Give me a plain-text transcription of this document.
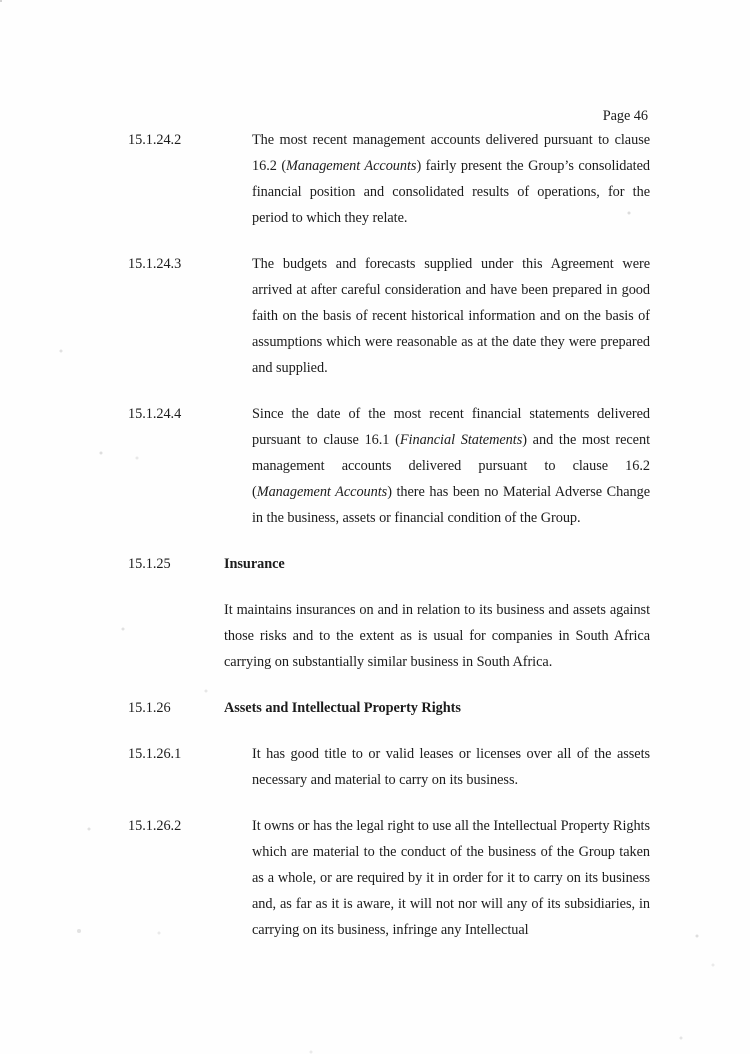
Page 46
15.1.24.2	The most recent management accounts delivered pursuant to clause 16.2 (Management Accounts) fairly present the Group’s consolidated financial position and consolidated results of operations, for the period to which they relate.
15.1.24.3	The budgets and forecasts supplied under this Agreement were arrived at after careful consideration and have been prepared in good faith on the basis of recent historical information and on the basis of assumptions which were reasonable as at the date they were prepared and supplied.
15.1.24.4	Since the date of the most recent financial statements delivered pursuant to clause 16.1 (Financial Statements) and the most recent management accounts delivered pursuant to clause 16.2 (Management Accounts) there has been no Material Adverse Change in the business, assets or financial condition of the Group.
15.1.25	Insurance
It maintains insurances on and in relation to its business and assets against those risks and to the extent as is usual for companies in South Africa carrying on substantially similar business in South Africa.
15.1.26	Assets and Intellectual Property Rights
15.1.26.1	It has good title to or valid leases or licenses over all of the assets necessary and material to carry on its business.
15.1.26.2	It owns or has the legal right to use all the Intellectual Property Rights which are material to the conduct of the business of the Group taken as a whole, or are required by it in order for it to carry on its business and, as far as it is aware, it will not nor will any of its subsidiaries, in carrying on its business, infringe any Intellectual
